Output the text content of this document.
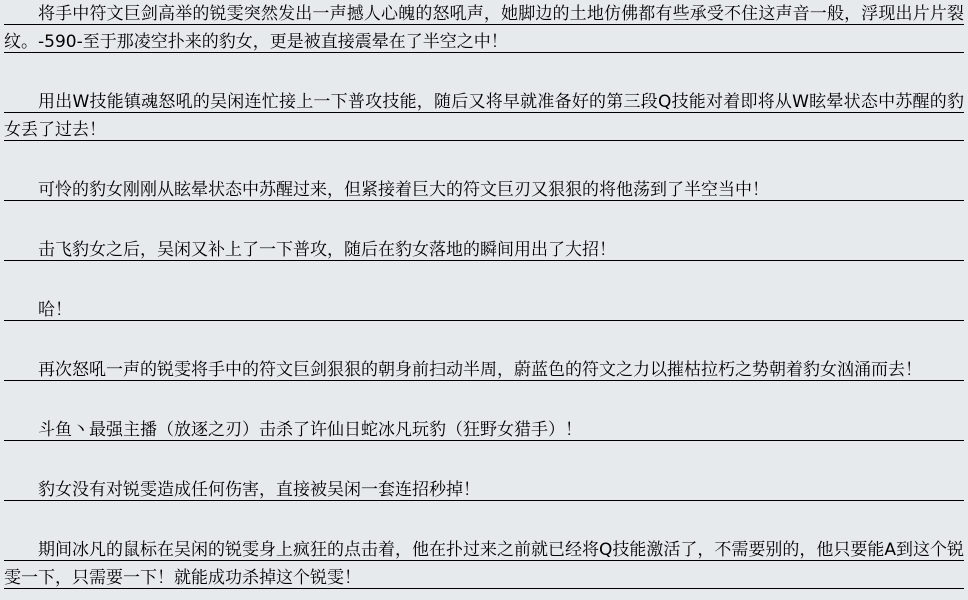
将手中符文巨剑高举的锐雯突然发出一声撼人心魄的怒吼声，她脚边的土地仿佛都有些承受不住这声音一般，浮现出片片裂纹。-590-至于那凌空扑来的豹女，更是被直接震晕在了半空之中！

用出W技能镇魂怒吼的吴闲连忙接上一下普攻技能，随后又将早就准备好的第三段Q技能对着即将从W眩晕状态中苏醒的豹女丢了过去！

可怜的豹女刚刚从眩晕状态中苏醒过来，但紧接着巨大的符文巨刃又狠狠的将他荡到了半空当中！

击飞豹女之后，吴闲又补上了一下普攻，随后在豹女落地的瞬间用出了大招！

哈！

再次怒吼一声的锐雯将手中的符文巨剑狠狠的朝身前扫动半周，蔚蓝色的符文之力以摧枯拉朽之势朝着豹女汹涌而去！

斗鱼丶最强主播（放逐之刃）击杀了许仙日蛇冰凡玩豹（狂野女猎手）！

豹女没有对锐雯造成任何伤害，直接被吴闲一套连招秒掉！

期间冰凡的鼠标在吴闲的锐雯身上疯狂的点击着，他在扑过来之前就已经将Q技能激活了，不需要别的，他只要能A到这个锐雯一下，只需要一下！就能成功杀掉这个锐雯！
